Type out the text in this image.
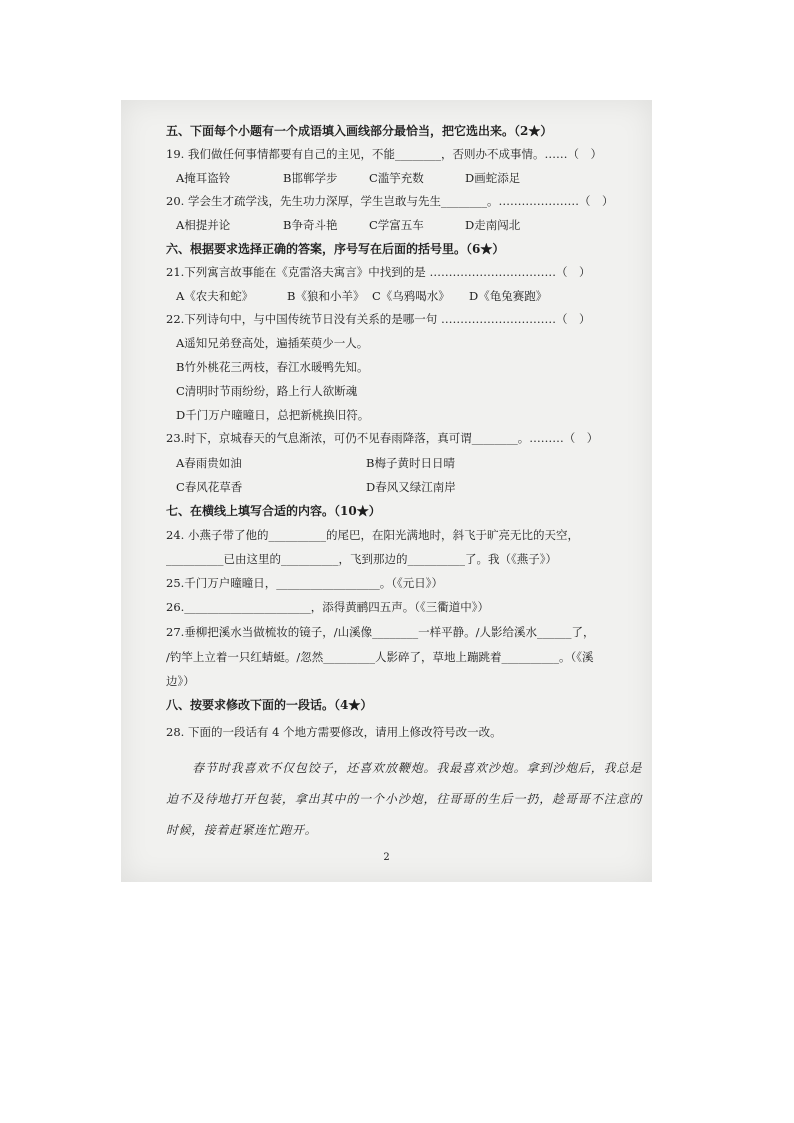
五、下面每个小题有一个成语填入画线部分最恰当，把它选出来。（2★）
19. 我们做任何事情都要有自己的主见，不能________，否则办不成事情。……（　）
A掩耳盗铃	B邯郸学步	C滥竽充数	D画蛇添足
20. 学会生才疏学浅，先生功力深厚，学生岂敢与先生________。…………………（　）
A相提并论	B争奇斗艳	C学富五车	D走南闯北
六、根据要求选择正确的答案，序号写在后面的括号里。（6★）
21.下列寓言故事能在《克雷洛夫寓言》中找到的是 ……………………………（　）
A《农夫和蛇》	B《狼和小羊》 C《乌鸦喝水》 D《龟兔赛跑》
22.下列诗句中，与中国传统节日没有关系的是哪一句 …………………………（　）
A遥知兄弟登高处，遍插茱萸少一人。
B竹外桃花三两枝，春江水暖鸭先知。
C清明时节雨纷纷，路上行人欲断魂
D千门万户曈曈日，总把新桃换旧符。
23.时下，京城春天的气息渐浓，可仍不见春雨降落，真可谓________。………（　）
A春雨贵如油	B梅子黄时日日晴
C春风花草香	D春风又绿江南岸
七、在横线上填写合适的内容。（10★）
24. 小燕子带了他的__________的尾巴，在阳光满地时，斜飞于旷亮无比的天空，
__________已由这里的__________，飞到那边的__________了。我（《燕子》）
25.千门万户曈曈日，__________________。（《元日》）
26.______________________，添得黄鹂四五声。（《三衢道中》）
27.垂柳把溪水当做梳妆的镜子，/山溪像________一样平静。/人影给溪水______了，
/钓竿上立着一只红蜻蜓。/忽然_________人影碎了，草地上蹦跳着__________。（《溪
边》）
八、按要求修改下面的一段话。（4★）
28. 下面的一段话有 4 个地方需要修改，请用上修改符号改一改。
春节时我喜欢不仅包饺子，还喜欢放鞭炮。我最喜欢沙炮。拿到沙炮后，我总是迫不及待地打开包装，拿出其中的一个小沙炮，往哥哥的生后一扔，趁哥哥不注意的时候，接着赶紧连忙跑开。
2
